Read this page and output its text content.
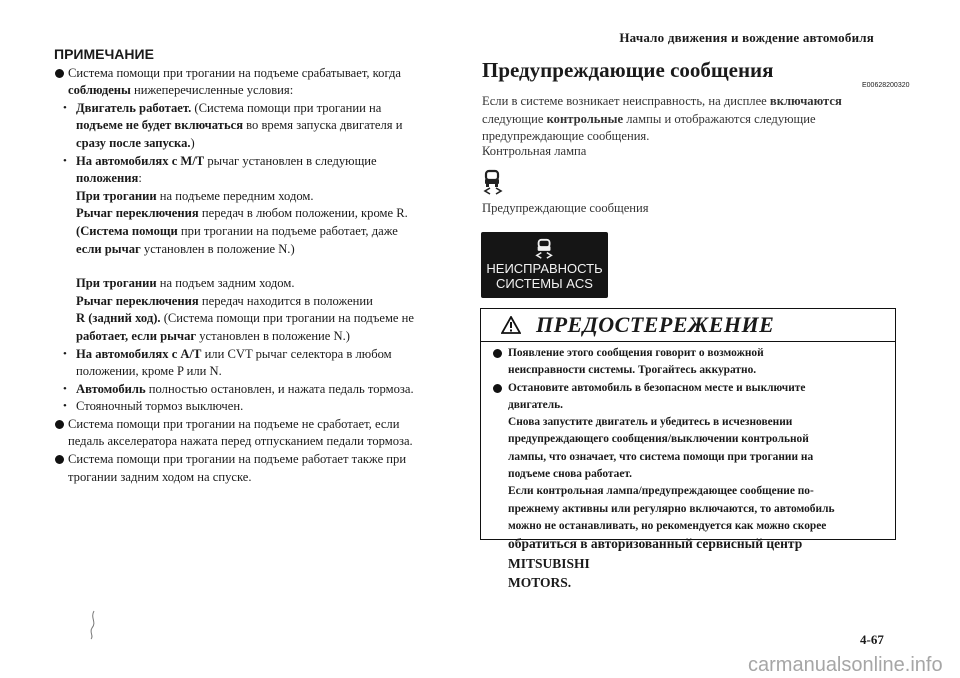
Начало движения и вождение автомобиля
ПРИМЕЧАНИЕ
Система помощи при трогании на подъеме срабатывает, когда
соблюдены нижеперечисленные условия:
• Двигатель работает. (Система помощи при трогании на
подъеме не будет включаться во время запуска двигателя и
сразу после запуска.)
• На автомобилях с M/T рычаг установлен в следующие
положения:
При трогании на подъеме передним ходом.
Рычаг переключения передач в любом положении, кроме R.
(Система помощи при трогании на подъеме работает, даже
если рычаг установлен в положение N.)
При трогании на подъем задним ходом.
Рычаг переключения передач находится в положении
R (задний ход). (Система помощи при трогании на подъеме не
работает, если рычаг установлен в положение N.)
• На автомобилях с A/T или CVT рычаг селектора в любом
положении, кроме P или N.
• Автомобиль полностью остановлен, и нажата педаль тормоза.
• Стояночный тормоз выключен.
Система помощи при трогании на подъеме не сработает, если
педаль акселератора нажата перед отпусканием педали тормоза.
Система помощи при трогании на подъеме работает также при
трогании задним ходом на спуске.
Предупреждающие сообщения
E00628200320
Если в системе возникает неисправность, на дисплее включаются
следующие контрольные лампы и отображаются следующие
предупреждающие сообщения.
Контрольная лампа
Предупреждающие сообщения
НЕИСПРАВНОСТЬ
СИСТЕМЫ ACS
ПРЕДОСТЕРЕЖЕНИЕ
Появление этого сообщения говорит о возможной
неисправности системы. Трогайтесь аккуратно.
Остановите автомобиль в безопасном месте и выключите
двигатель.
Снова запустите двигатель и убедитесь в исчезновении
предупреждающего сообщения/выключении контрольной
лампы, что означает, что система помощи при трогании на
подъеме снова работает.
Если контрольная лампа/предупреждающее сообщение по-
прежнему активны или регулярно включаются, то автомобиль
можно не останавливать, но рекомендуется как можно скорее
обратиться в авторизованный сервисный центр MITSUBISHI
MOTORS.
4-67
carmanualsonline.info
